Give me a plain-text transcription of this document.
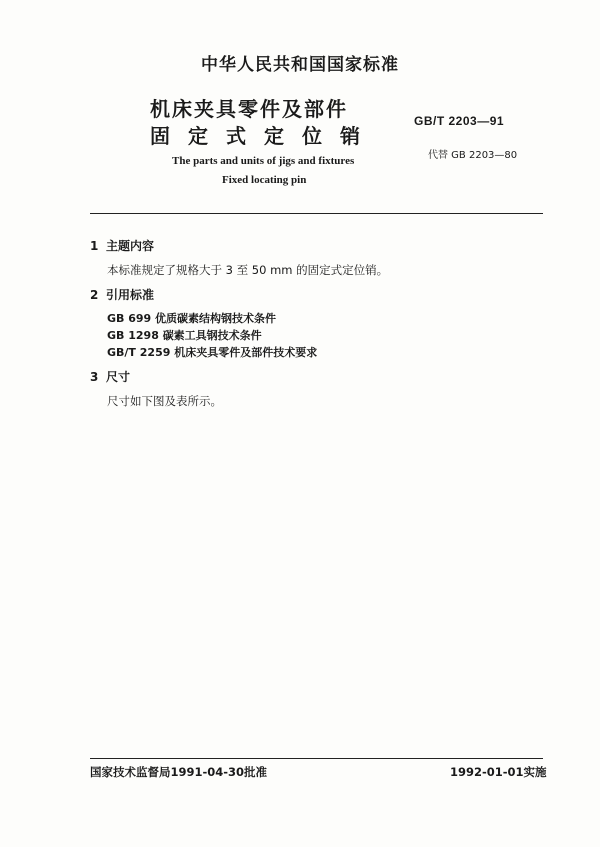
中华人民共和国国家标准
机床夹具零件及部件
固定式定位销
GB/T 2203—91
代替 GB 2203—80
The parts and units of jigs and fixtures
Fixed locating pin
1 主题内容
本标准规定了规格大于 3 至 50 mm 的固定式定位销。
2 引用标准
GB 699 优质碳素结构钢技术条件
GB 1298 碳素工具钢技术条件
GB/T 2259 机床夹具零件及部件技术要求
3 尺寸
尺寸如下图及表所示。
国家技术监督局1991-04-30批准	1992-01-01实施
